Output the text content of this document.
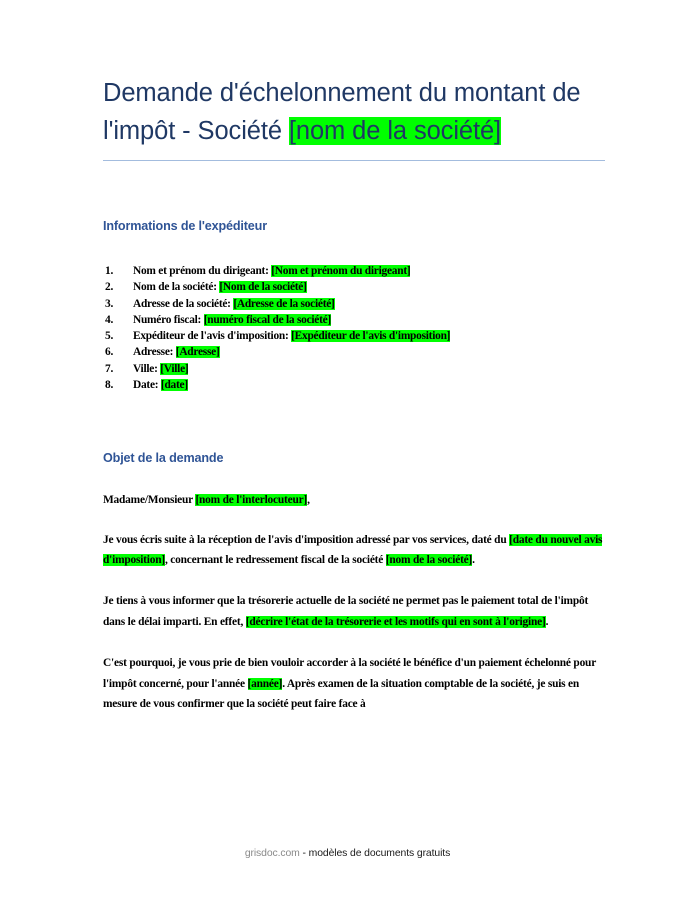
Demande d'échelonnement du montant de l'impôt - Société [nom de la société]
Informations de l'expéditeur
1.	Nom et prénom du dirigeant: [Nom et prénom du dirigeant]
2.	Nom de la société: [Nom de la société]
3.	Adresse de la société: [Adresse de la société]
4.	Numéro fiscal: [numéro fiscal de la société]
5.	Expéditeur de l'avis d'imposition: [Expéditeur de l'avis d'imposition]
6.	Adresse: [Adresse]
7.	Ville: [Ville]
8.	Date: [date]
Objet de la demande

Madame/Monsieur [nom de l'interlocuteur],

Je vous écris suite à la réception de l'avis d'imposition adressé par vos services, daté du [date du nouvel avis d'imposition], concernant le redressement fiscal de la société [nom de la société].

Je tiens à vous informer que la trésorerie actuelle de la société ne permet pas le paiement total de l'impôt dans le délai imparti. En effet, [décrire l'état de la trésorerie et les motifs qui en sont à l'origine].

C'est pourquoi, je vous prie de bien vouloir accorder à la société le bénéfice d'un paiement échelonné pour l'impôt concerné, pour l'année [année]. Après examen de la situation comptable de la société, je suis en mesure de vous confirmer que la société peut faire face à

grisdoc.com - modèles de documents gratuits
